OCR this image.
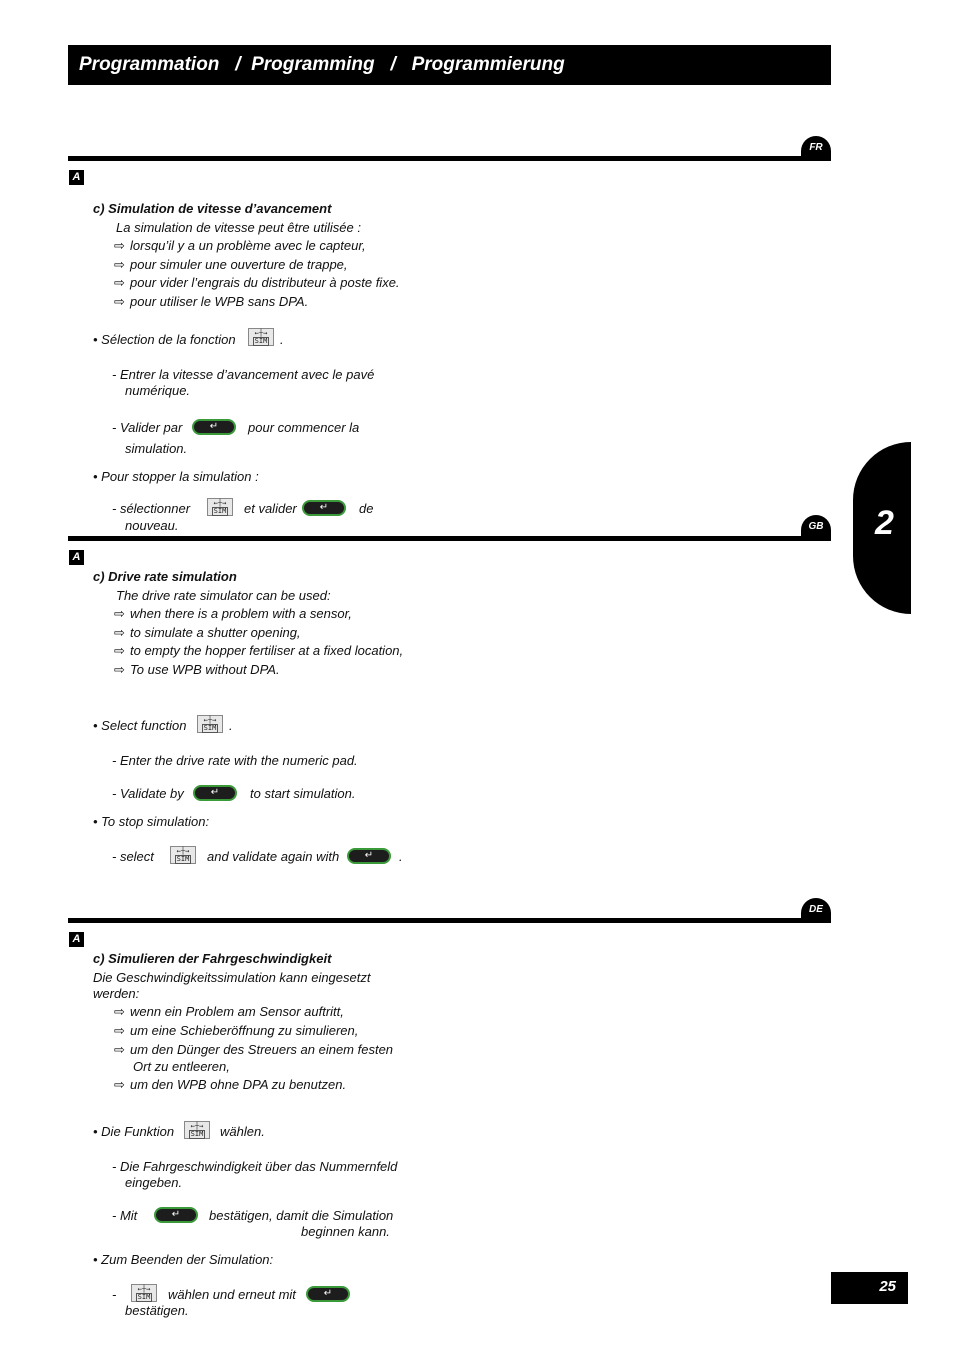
Programmation
/
Programming
/
Programmierung
2
FR
A
c) Simulation de vitesse d’avancement
La simulation de vitesse peut être utilisée :
⇨ lorsqu’il y a un problème avec le capteur,
⇨ pour simuler une ouverture de trappe,
⇨ pour vider l’engrais du distributeur à poste fixe.
⇨ pour utiliser le WPB sans DPA.
• Sélection de la fonction	←┼→
SIM .
- Entrer la vitesse d’avancement avec le pavé
numérique.
- Valider par	↵	pour commencer la
simulation.
• Pour stopper la simulation :
- sélectionner	←┼→
SIM et valider	↵	de
nouveau.	GB
A
c) Drive rate simulation
The drive rate simulator can be used:
⇨ when there is a problem with a sensor,
⇨ to simulate a shutter opening,
⇨ to empty the hopper fertiliser at a fixed location,
⇨ To use WPB without DPA.
• Select function	←┼→
SIM .
- Enter the drive rate with the numeric pad.
- Validate by	↵	to start simulation.
• To stop simulation:
- select	←┼→
SIM and validate again with	↵	.
DE
A
c) Simulieren der Fahrgeschwindigkeit
Die Geschwindigkeitssimulation kann eingesetzt
werden:
⇨ wenn ein Problem am Sensor auftritt,
⇨ um eine Schieberöffnung zu simulieren,
⇨ um den Dünger des Streuers an einem festen
Ort zu entleeren,
⇨ um den WPB ohne DPA zu benutzen.
• Die Funktion	←┼→
SIM wählen.
- Die Fahrgeschwindigkeit über das Nummernfeld
eingeben.
- Mit	↵	bestätigen, damit die Simulation
beginnen kann.
• Zum Beenden der Simulation:
-	←┼→
SIM wählen und erneut mit	↵
bestätigen.
25
